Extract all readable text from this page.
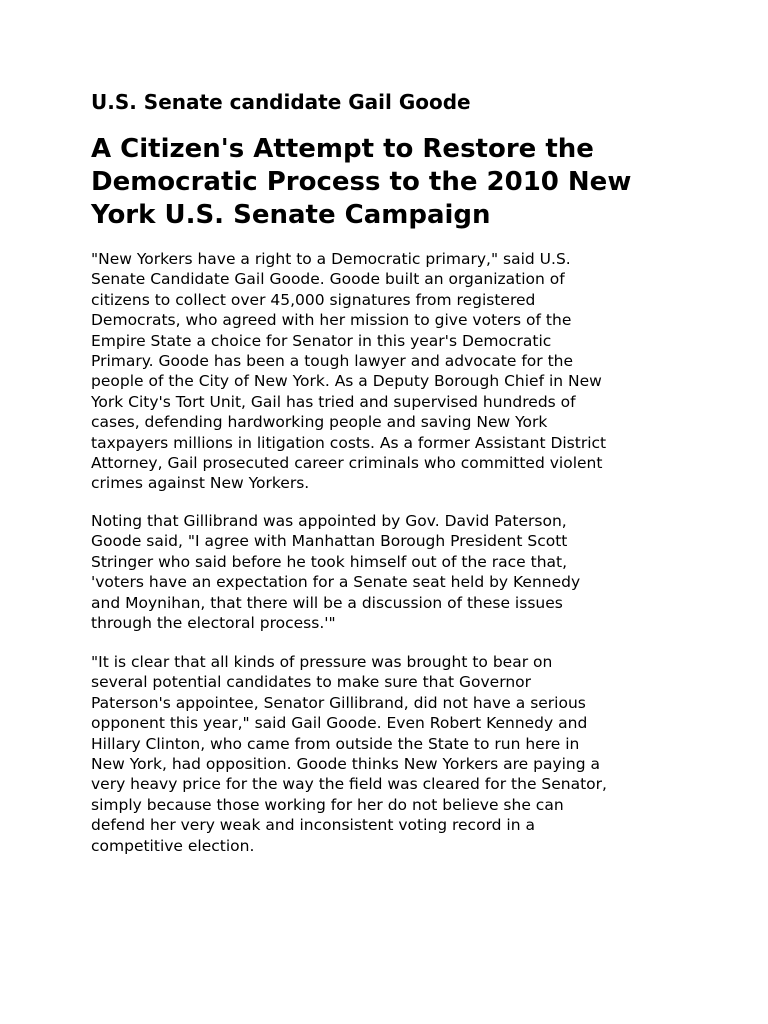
U.S. Senate candidate Gail Goode
A Citizen's Attempt to Restore the
Democratic Process to the 2010 New
York U.S. Senate Campaign

"New Yorkers have a right to a Democratic primary," said U.S.
Senate Candidate Gail Goode. Goode built an organization of
citizens to collect over 45,000 signatures from registered
Democrats, who agreed with her mission to give voters of the
Empire State a choice for Senator in this year's Democratic
Primary. Goode has been a tough lawyer and advocate for the
people of the City of New York. As a Deputy Borough Chief in New
York City's Tort Unit, Gail has tried and supervised hundreds of
cases, defending hardworking people and saving New York
taxpayers millions in litigation costs. As a former Assistant District
Attorney, Gail prosecuted career criminals who committed violent
crimes against New Yorkers.

Noting that Gillibrand was appointed by Gov. David Paterson,
Goode said, "I agree with Manhattan Borough President Scott
Stringer who said before he took himself out of the race that,
'voters have an expectation for a Senate seat held by Kennedy
and Moynihan, that there will be a discussion of these issues
through the electoral process.'"

"It is clear that all kinds of pressure was brought to bear on
several potential candidates to make sure that Governor
Paterson's appointee, Senator Gillibrand, did not have a serious
opponent this year," said Gail Goode. Even Robert Kennedy and
Hillary Clinton, who came from outside the State to run here in
New York, had opposition. Goode thinks New Yorkers are paying a
very heavy price for the way the field was cleared for the Senator,
simply because those working for her do not believe she can
defend her very weak and inconsistent voting record in a
competitive election.
